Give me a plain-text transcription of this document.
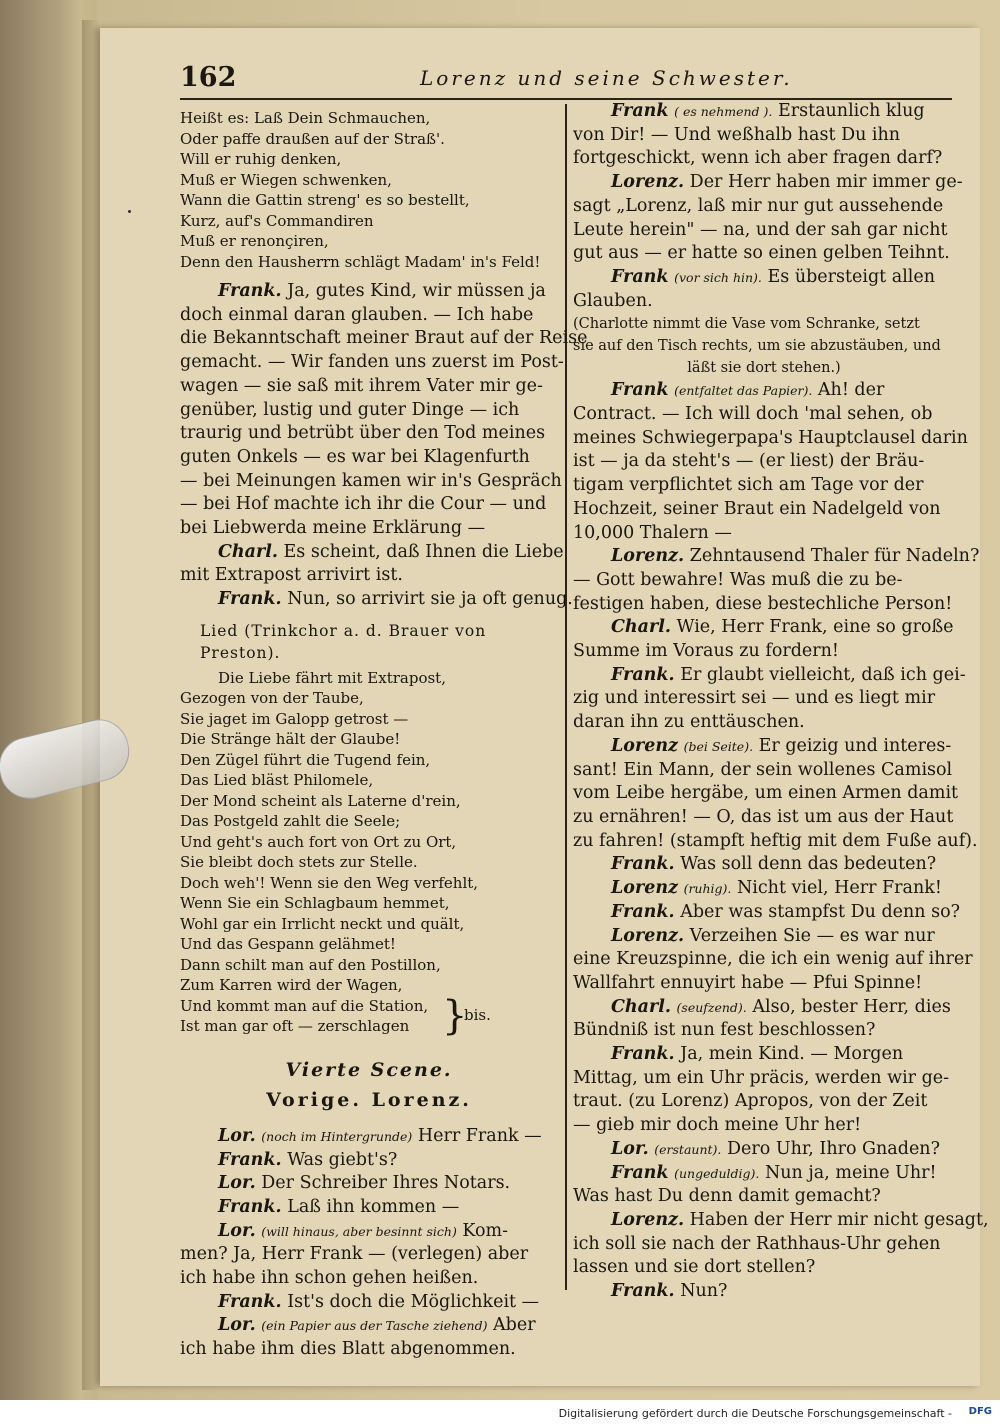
162	Lorenz und seine Schwester.
Heißt es: Laß Dein Schmauchen,
Oder paffe draußen auf der Straß'.
Will er ruhig denken,
Muß er Wiegen schwenken,
Wann die Gattin streng' es so bestellt,
Kurz, auf's Commandiren
Muß er renonçiren,
Denn den Hausherrn schlägt Madam' in's Feld!
Frank. Ja, gutes Kind, wir müssen ja
doch einmal daran glauben. — Ich habe
die Bekanntschaft meiner Braut auf der Reise
gemacht. — Wir fanden uns zuerst im Post-
wagen — sie saß mit ihrem Vater mir ge-
genüber, lustig und guter Dinge — ich
traurig und betrübt über den Tod meines
guten Onkels — es war bei Klagenfurth
— bei Meinungen kamen wir in's Gespräch
— bei Hof machte ich ihr die Cour — und
bei Liebwerda meine Erklärung —
Charl. Es scheint, daß Ihnen die Liebe
mit Extrapost arrivirt ist.
Frank. Nun, so arrivirt sie ja oft genug.
Lied (Trinkchor a. d. Brauer von Preston).
Die Liebe fährt mit Extrapost,
Gezogen von der Taube,
Sie jaget im Galopp getrost —
Die Stränge hält der Glaube!
Den Zügel führt die Tugend fein,
Das Lied bläst Philomele,
Der Mond scheint als Laterne d'rein,
Das Postgeld zahlt die Seele;
Und geht's auch fort von Ort zu Ort,
Sie bleibt doch stets zur Stelle.
Doch weh'! Wenn sie den Weg verfehlt,
Wenn Sie ein Schlagbaum hemmet,
Wohl gar ein Irrlicht neckt und quält,
Und das Gespann gelähmet!
Dann schilt man auf den Postillon,
Zum Karren wird der Wagen,
Und kommt man auf die Station,
Ist man gar oft — zerschlagen }
bis.
Vierte Scene.
Vorige. Lorenz.
Lor. (noch im Hintergrunde) Herr Frank —
Frank. Was giebt's?
Lor. Der Schreiber Ihres Notars.
Frank. Laß ihn kommen —
Lor. (will hinaus, aber besinnt sich) Kom-
men? Ja, Herr Frank — (verlegen) aber
ich habe ihn schon gehen heißen.
Frank. Ist's doch die Möglichkeit —
Lor. (ein Papier aus der Tasche ziehend) Aber
ich habe ihm dies Blatt abgenommen.
Frank ( es nehmend ). Erstaunlich klug
von Dir! — Und weßhalb hast Du ihn
fortgeschickt, wenn ich aber fragen darf?
Lorenz. Der Herr haben mir immer ge-
sagt „Lorenz, laß mir nur gut aussehende
Leute herein" — na, und der sah gar nicht
gut aus — er hatte so einen gelben Teihnt.
Frank (vor sich hin). Es übersteigt allen
Glauben.
(Charlotte nimmt die Vase vom Schranke, setzt
sie auf den Tisch rechts, um sie abzustäuben, und
läßt sie dort stehen.)
Frank (entfaltet das Papier). Ah! der
Contract. — Ich will doch 'mal sehen, ob
meines Schwiegerpapa's Hauptclausel darin
ist — ja da steht's — (er liest) der Bräu-
tigam verpflichtet sich am Tage vor der
Hochzeit, seiner Braut ein Nadelgeld von
10,000 Thalern —
Lorenz. Zehntausend Thaler für Nadeln?
— Gott bewahre! Was muß die zu be-
festigen haben, diese bestechliche Person!
Charl. Wie, Herr Frank, eine so große
Summe im Voraus zu fordern!
Frank. Er glaubt vielleicht, daß ich gei-
zig und interessirt sei — und es liegt mir
daran ihn zu enttäuschen.
Lorenz (bei Seite). Er geizig und interes-
sant! Ein Mann, der sein wollenes Camisol
vom Leibe hergäbe, um einen Armen damit
zu ernähren! — O, das ist um aus der Haut
zu fahren! (stampft heftig mit dem Fuße auf).
Frank. Was soll denn das bedeuten?
Lorenz (ruhig). Nicht viel, Herr Frank!
Frank. Aber was stampfst Du denn so?
Lorenz. Verzeihen Sie — es war nur
eine Kreuzspinne, die ich ein wenig auf ihrer
Wallfahrt ennuyirt habe — Pfui Spinne!
Charl. (seufzend). Also, bester Herr, dies
Bündniß ist nun fest beschlossen?
Frank. Ja, mein Kind. — Morgen
Mittag, um ein Uhr präcis, werden wir ge-
traut. (zu Lorenz) Apropos, von der Zeit
— gieb mir doch meine Uhr her!
Lor. (erstaunt). Dero Uhr, Ihro Gnaden?
Frank (ungeduldig). Nun ja, meine Uhr!
Was hast Du denn damit gemacht?
Lorenz. Haben der Herr mir nicht gesagt,
ich soll sie nach der Rathhaus-Uhr gehen
lassen und sie dort stellen?
Frank. Nun?
Digitalisierung gefördert durch die Deutsche Forschungsgemeinschaft - DFG
